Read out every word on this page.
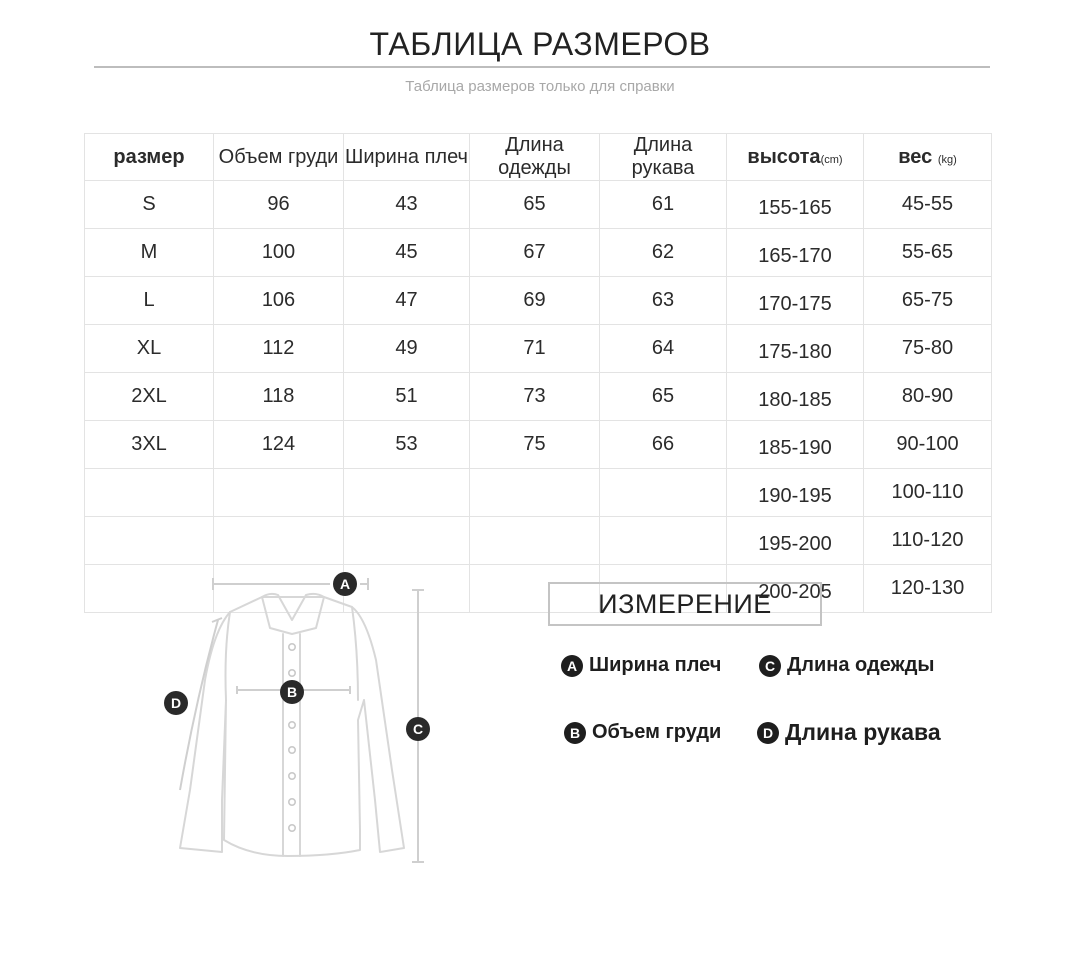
ТАБЛИЦА РАЗМЕРОВ
Таблица размеров только для справки
размер	Объем груди	Ширина плеч	Длина одежды	Длина рукава	высота(cm)	вес (kg)
S	96	43	65	61	155-165	45-55
M	100	45	67	62	165-170	55-65
L	106	47	69	63	170-175	65-75
XL	112	49	71	64	175-180	75-80
2XL	118	51	73	65	180-185	80-90
3XL	124	53	75	66	185-190	90-100
					190-195	100-110
					195-200	110-120
					200-205	120-130
A
B
C
D
ИЗМЕРЕНИЕ
A Ширина плеч	C Длина одежды
B Объем груди	D Длина рукава
